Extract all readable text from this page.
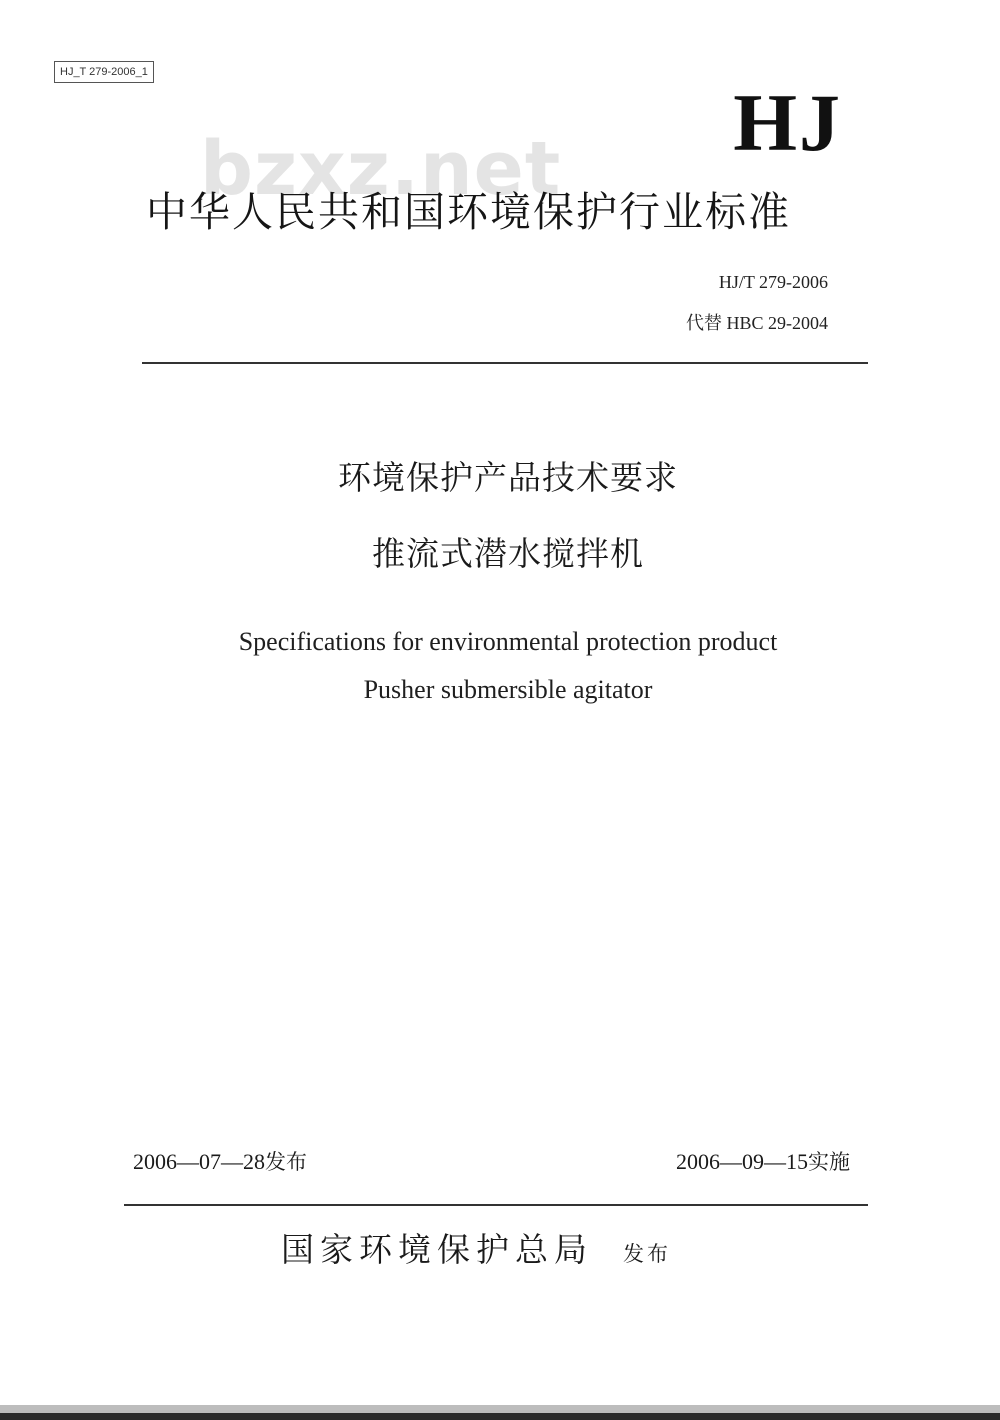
HJ_T 279-2006_1
HJ
bzxz.net
中华人民共和国环境保护行业标准
HJ/T 279-2006
代替 HBC 29-2004
环境保护产品技术要求
推流式潜水搅拌机
Specifications for environmental protection product
Pusher submersible agitator
2006—07—28发布	2006—09—15实施
国家环境保护总局 发布
